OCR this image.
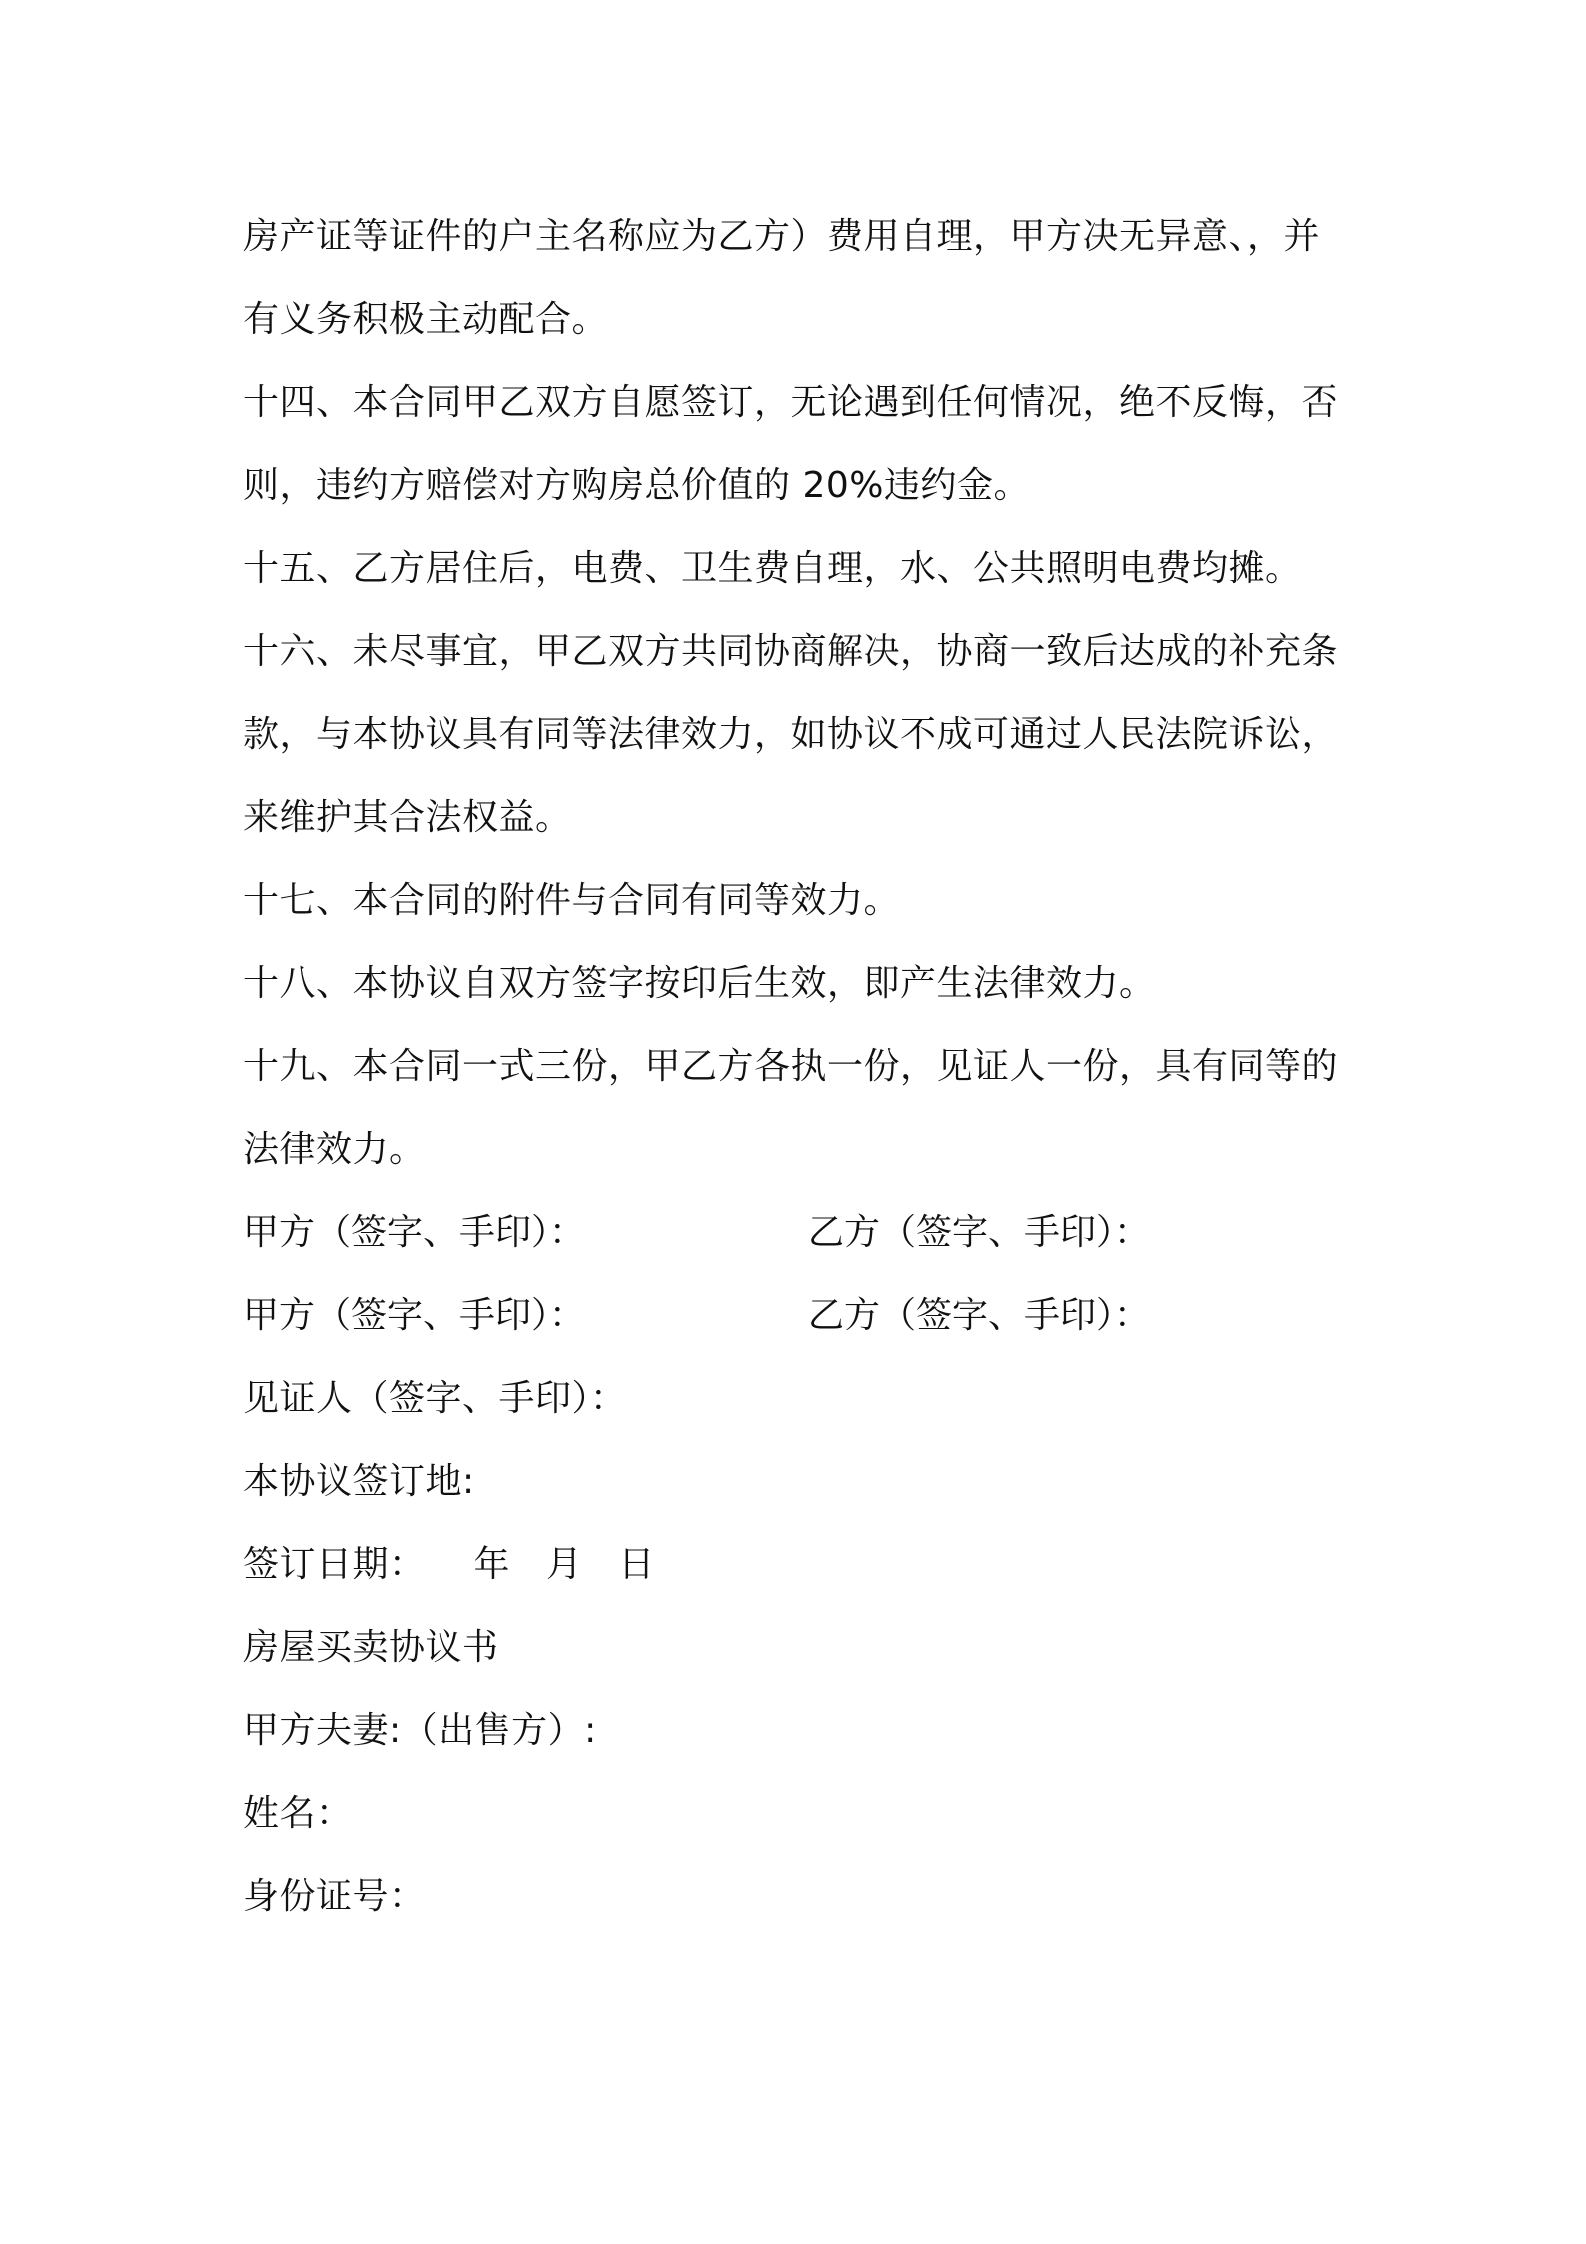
房产证等证件的户主名称应为乙方）费用自理，甲方决无异意、，并
有义务积极主动配合。
十四、本合同甲乙双方自愿签订，无论遇到任何情况，绝不反悔，否
则，违约方赔偿对方购房总价值的 20%违约金。
十五、乙方居住后，电费、卫生费自理，水、公共照明电费均摊。
十六、未尽事宜，甲乙双方共同协商解决，协商一致后达成的补充条
款，与本协议具有同等法律效力，如协议不成可通过人民法院诉讼，
来维护其合法权益。
十七、本合同的附件与合同有同等效力。
十八、本协议自双方签字按印后生效，即产生法律效力。
十九、本合同一式三份，甲乙方各执一份，见证人一份，具有同等的
法律效力。
甲方（签字、手印）：	乙方（签字、手印）：
甲方（签字、手印）：	乙方（签字、手印）：
见证人（签字、手印）：
本协议签订地:
签订日期： 年 月 日
房屋买卖协议书
甲方夫妻:（出售方）:
姓名：
身份证号：
